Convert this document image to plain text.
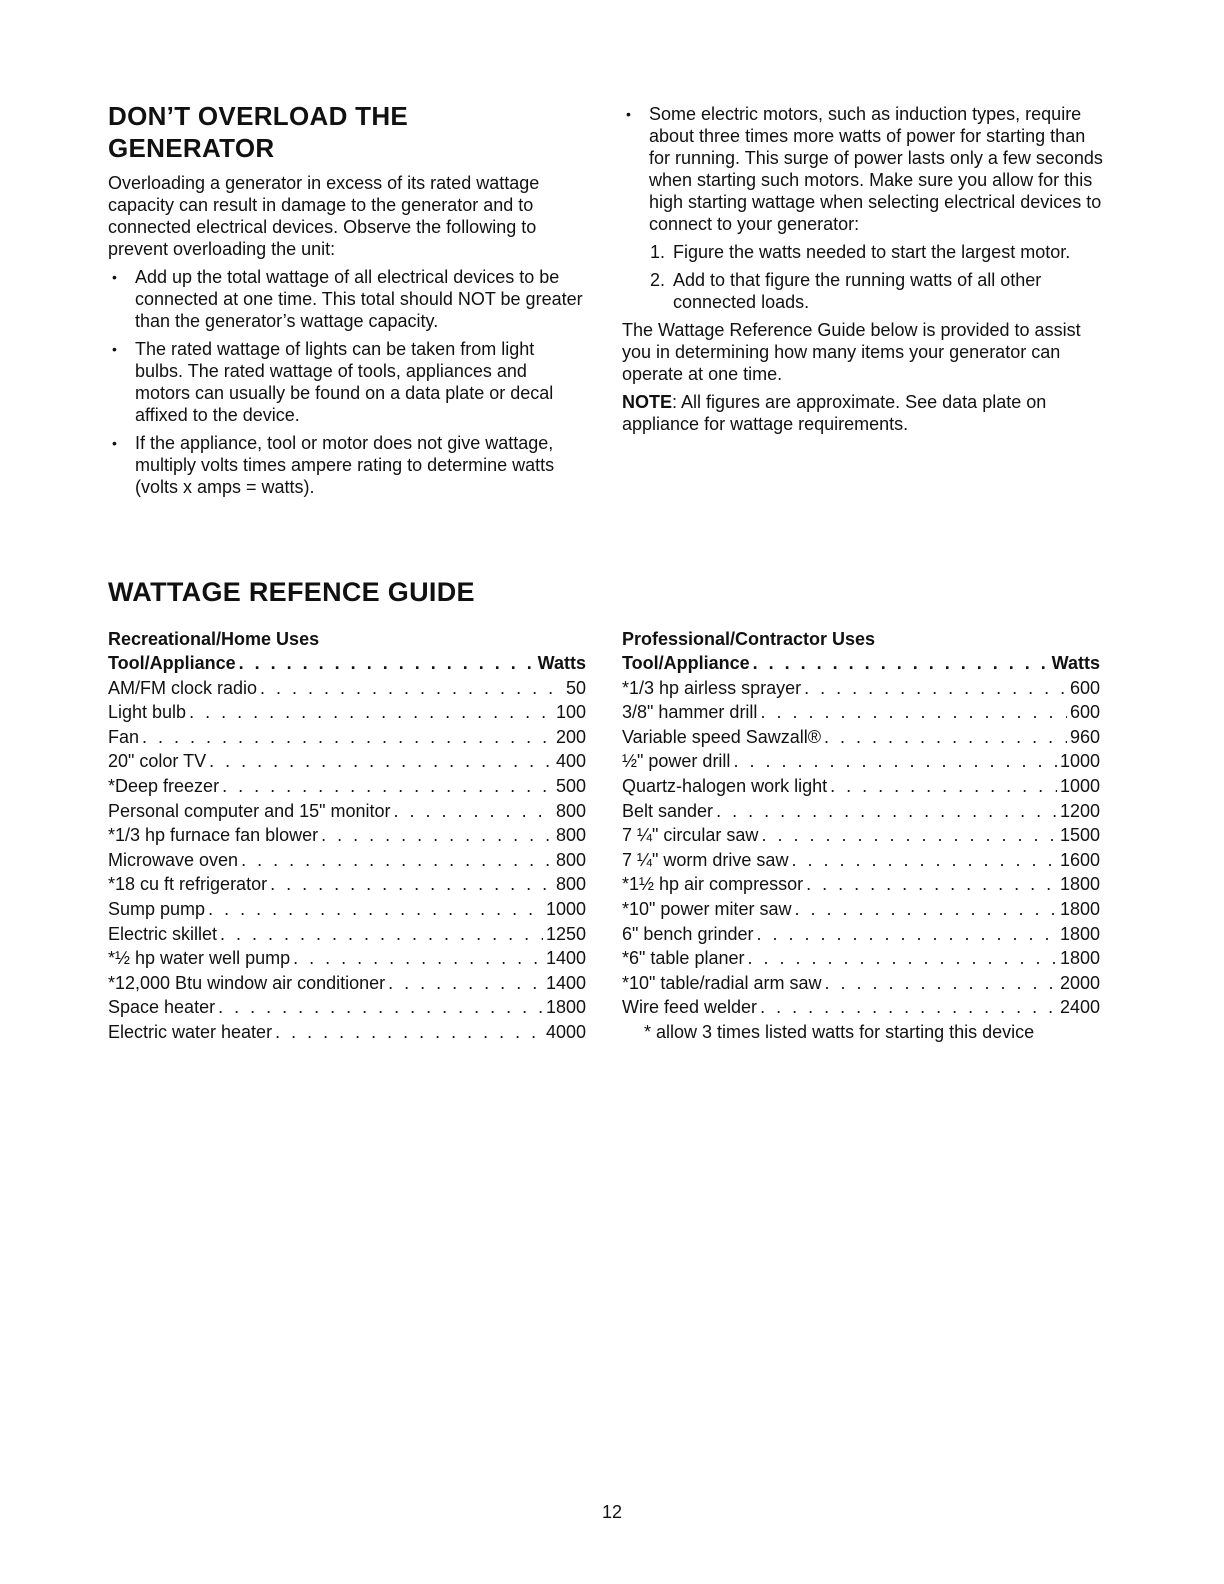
DON’T OVERLOAD THE
GENERATOR

Overloading a generator in excess of its rated wattage capacity can result in damage to the generator and to connected electrical devices. Observe the following to prevent overloading the unit:

• Add up the total wattage of all electrical devices to be connected at one time. This total should NOT be greater than the generator’s wattage capacity.
• The rated wattage of lights can be taken from light bulbs. The rated wattage of tools, appliances and motors can usually be found on a data plate or decal affixed to the device.
• If the appliance, tool or motor does not give wattage, multiply volts times ampere rating to determine watts (volts x amps = watts).
• Some electric motors, such as induction types, require about three times more watts of power for starting than for running. This surge of power lasts only a few seconds when starting such motors. Make sure you allow for this high starting wattage when selecting electrical devices to connect to your generator:
1. Figure the watts needed to start the largest motor.
2. Add to that figure the running watts of all other connected loads.

The Wattage Reference Guide below is provided to assist you in determining how many items your generator can operate at one time.

NOTE: All figures are approximate. See data plate on appliance for wattage requirements.

WATTAGE REFENCE GUIDE
Recreational/Home Uses
Tool/Appliance . . .	Watts
AM/FM clock radio . . .	50
Light bulb . . .	100
Fan . . .	200
20" color TV . . .	400
*Deep freezer . . .	500
Personal computer and 15" monitor . . .	800
*1/3 hp furnace fan blower . . .	800
Microwave oven . . .	800
*18 cu ft refrigerator . . .	800
Sump pump . . .	1000
Electric skillet . . .	1250
*½ hp water well pump . . .	1400
*12,000 Btu window air conditioner . . .	1400
Space heater . . .	1800
Electric water heater . . .	4000
Professional/Contractor Uses
Tool/Appliance . . .	Watts
*1/3 hp airless sprayer . . .	600
3/8" hammer drill . . .	600
Variable speed Sawzall® . . .	960
½" power drill . . .	1000
Quartz-halogen work light . . .	1000
Belt sander . . .	1200
7 ¼" circular saw . . .	1500
7 ¼" worm drive saw . . .	1600
*1½ hp air compressor . . .	1800
*10" power miter saw . . .	1800
6" bench grinder . . .	1800
*6" table planer . . .	1800
*10" table/radial arm saw . . .	2000
Wire feed welder . . .	2400
* allow 3 times listed watts for starting this device
12
